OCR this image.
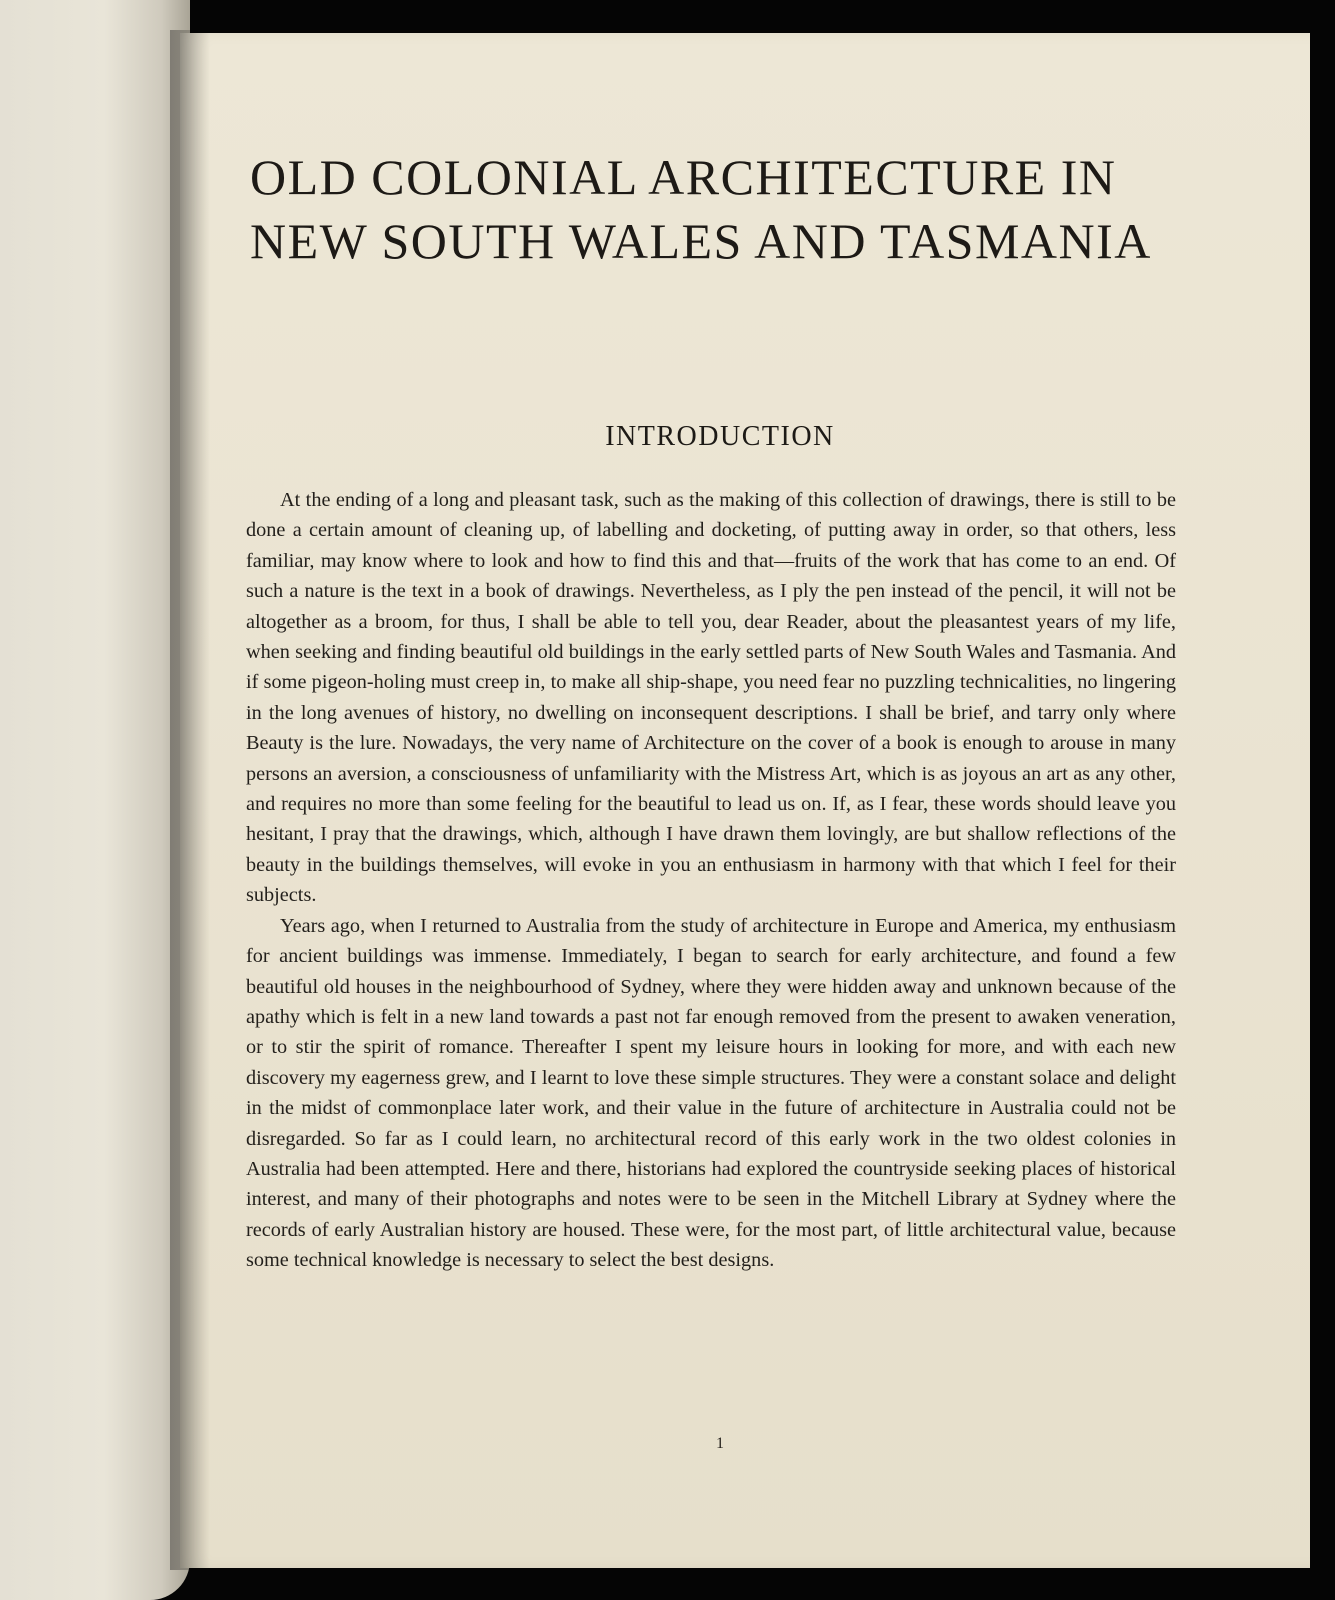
OLD COLONIAL ARCHITECTURE IN
NEW SOUTH WALES AND TASMANIA
INTRODUCTION

At the ending of a long and pleasant task, such as the making of this collection of drawings, there is still to be done a certain amount of cleaning up, of labelling and docketing, of putting away in order, so that others, less familiar, may know where to look and how to find this and that—fruits of the work that has come to an end. Of such a nature is the text in a book of drawings. Nevertheless, as I ply the pen instead of the pencil, it will not be altogether as a broom, for thus, I shall be able to tell you, dear Reader, about the pleasantest years of my life, when seeking and finding beautiful old buildings in the early settled parts of New South Wales and Tasmania. And if some pigeon-holing must creep in, to make all ship-shape, you need fear no puzzling technicalities, no lingering in the long avenues of history, no dwelling on inconsequent descriptions. I shall be brief, and tarry only where Beauty is the lure. Nowadays, the very name of Architecture on the cover of a book is enough to arouse in many persons an aversion, a consciousness of unfamiliarity with the Mistress Art, which is as joyous an art as any other, and requires no more than some feeling for the beautiful to lead us on. If, as I fear, these words should leave you hesitant, I pray that the drawings, which, although I have drawn them lovingly, are but shallow reflections of the beauty in the buildings themselves, will evoke in you an enthusiasm in harmony with that which I feel for their subjects.

Years ago, when I returned to Australia from the study of architecture in Europe and America, my enthusiasm for ancient buildings was immense. Immediately, I began to search for early architecture, and found a few beautiful old houses in the neighbourhood of Sydney, where they were hidden away and unknown because of the apathy which is felt in a new land towards a past not far enough removed from the present to awaken veneration, or to stir the spirit of romance. Thereafter I spent my leisure hours in looking for more, and with each new discovery my eagerness grew, and I learnt to love these simple structures. They were a constant solace and delight in the midst of commonplace later work, and their value in the future of architecture in Australia could not be disregarded. So far as I could learn, no architectural record of this early work in the two oldest colonies in Australia had been attempted. Here and there, historians had explored the countryside seeking places of historical interest, and many of their photographs and notes were to be seen in the Mitchell Library at Sydney where the records of early Australian history are housed. These were, for the most part, of little architectural value, because some technical knowledge is necessary to select the best designs.

1
